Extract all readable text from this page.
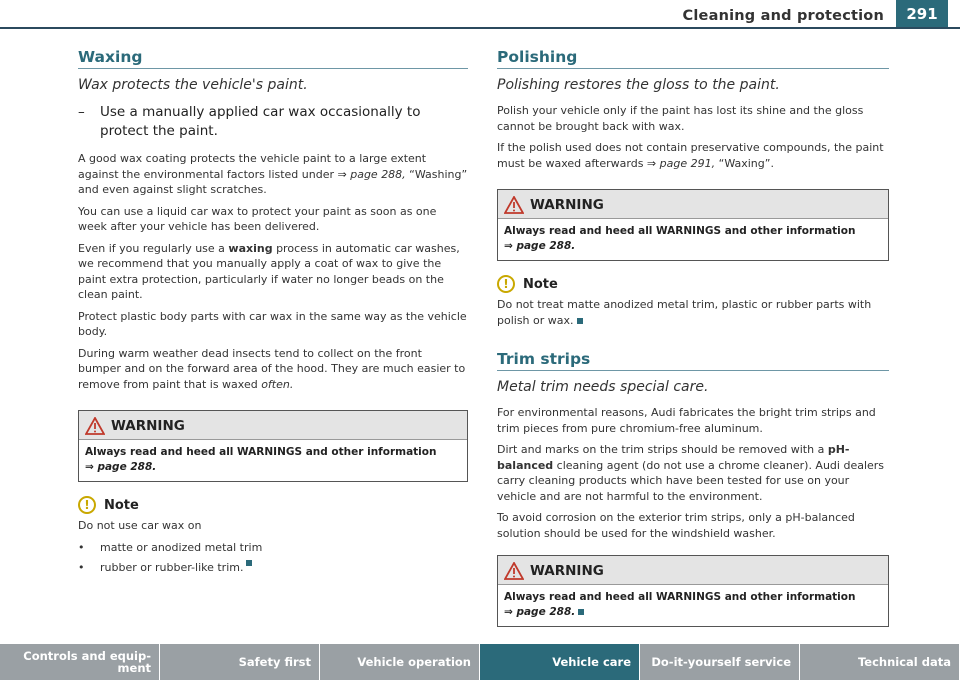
Cleaning and protection	291
Waxing
Wax protects the vehicle's paint.
–	Use a manually applied car wax occasionally to protect the paint.

A good wax coating protects the vehicle paint to a large extent against the environmental factors listed under ⇒ page 288, “Washing” and even against slight scratches.

You can use a liquid car wax to protect your paint as soon as one week after your vehicle has been delivered.

Even if you regularly use a waxing process in automatic car washes, we recommend that you manually apply a coat of wax to give the paint extra protection, particularly if water no longer beads on the clean paint.

Protect plastic body parts with car wax in the same way as the vehicle body.

During warm weather dead insects tend to collect on the front bumper and on the forward area of the hood. They are much easier to remove from paint that is waxed often.

WARNING
Always read and heed all WARNINGS and other information
⇒ page 288.
!	Note

Do not use car wax on

•	matte or anodized metal trim
•	rubber or rubber-like trim.
Polishing
Polishing restores the gloss to the paint.

Polish your vehicle only if the paint has lost its shine and the gloss cannot be brought back with wax.

If the polish used does not contain preservative compounds, the paint must be waxed afterwards ⇒ page 291, “Waxing”.

WARNING
Always read and heed all WARNINGS and other information
⇒ page 288.
!	Note

Do not treat matte anodized metal trim, plastic or rubber parts with polish or wax.

Trim strips
Metal trim needs special care.

For environmental reasons, Audi fabricates the bright trim strips and trim pieces from pure chromium-free aluminum.

Dirt and marks on the trim strips should be removed with a pH-balanced cleaning agent (do not use a chrome cleaner). Audi dealers carry cleaning products which have been tested for use on your vehicle and are not harmful to the environment.

To avoid corrosion on the exterior trim strips, only a pH-balanced solution should be used for the windshield washer.

WARNING
Always read and heed all WARNINGS and other information
⇒ page 288.
Controls and equip- ment	Safety first	Vehicle operation	Vehicle care	Do-it-yourself service	Technical data
